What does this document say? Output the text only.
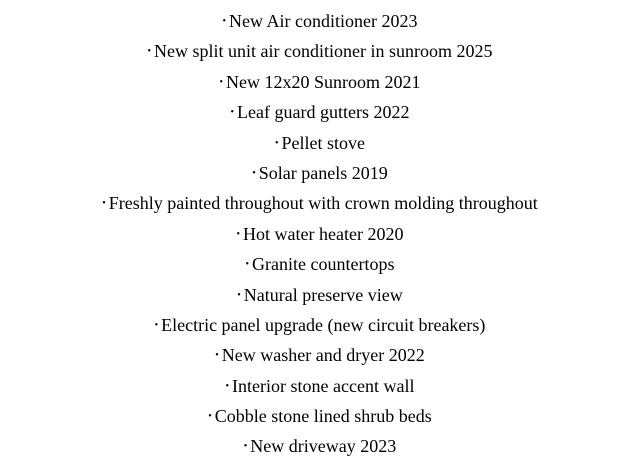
• New Air conditioner 2023
• New split unit air conditioner in sunroom 2025
• New 12x20 Sunroom 2021
• Leaf guard gutters 2022
• Pellet stove
• Solar panels 2019
• Freshly painted throughout with crown molding throughout
• Hot water heater 2020
• Granite countertops
• Natural preserve view
• Electric panel upgrade (new circuit breakers)
• New washer and dryer 2022
• Interior stone accent wall
• Cobble stone lined shrub beds
• New driveway 2023
